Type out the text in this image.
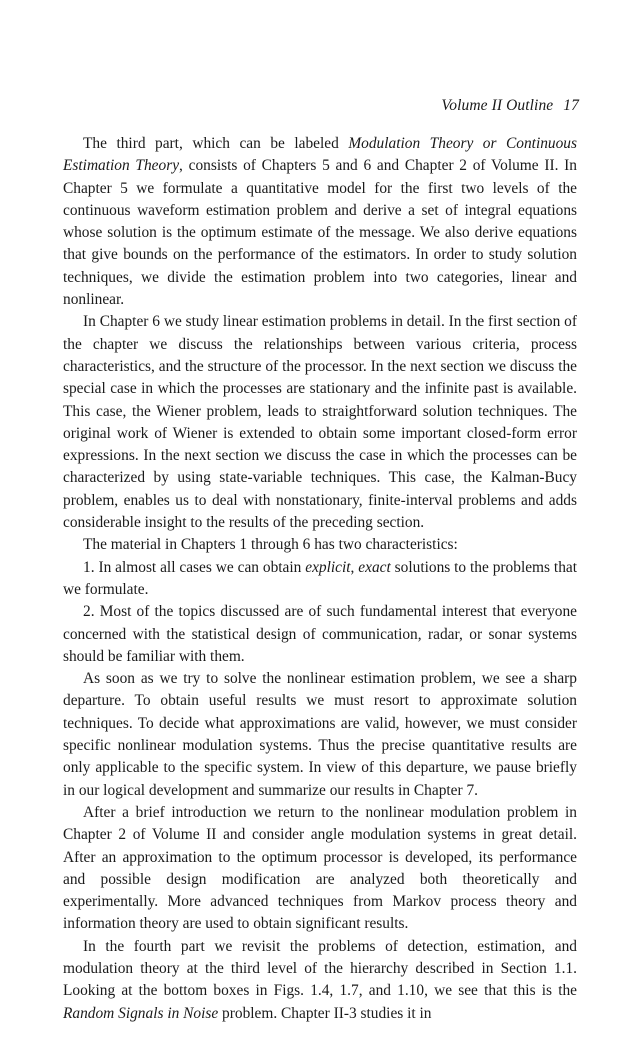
Volume II Outline 17

The third part, which can be labeled Modulation Theory or Continuous Estimation Theory, consists of Chapters 5 and 6 and Chapter 2 of Volume II. In Chapter 5 we formulate a quantitative model for the first two levels of the continuous waveform estimation problem and derive a set of integral equations whose solution is the optimum estimate of the message. We also derive equations that give bounds on the performance of the estimators. In order to study solution techniques, we divide the estimation problem into two categories, linear and nonlinear.

In Chapter 6 we study linear estimation problems in detail. In the first section of the chapter we discuss the relationships between various criteria, process characteristics, and the structure of the processor. In the next section we discuss the special case in which the processes are stationary and the infinite past is available. This case, the Wiener problem, leads to straightforward solution techniques. The original work of Wiener is extended to obtain some important closed-form error expressions. In the next section we discuss the case in which the processes can be characterized by using state-variable techniques. This case, the Kalman-Bucy problem, enables us to deal with nonstationary, finite-interval problems and adds considerable insight to the results of the preceding section.

The material in Chapters 1 through 6 has two characteristics:

1. In almost all cases we can obtain explicit, exact solutions to the problems that we formulate.

2. Most of the topics discussed are of such fundamental interest that everyone concerned with the statistical design of communication, radar, or sonar systems should be familiar with them.

As soon as we try to solve the nonlinear estimation problem, we see a sharp departure. To obtain useful results we must resort to approximate solution techniques. To decide what approximations are valid, however, we must consider specific nonlinear modulation systems. Thus the precise quantitative results are only applicable to the specific system. In view of this departure, we pause briefly in our logical development and summarize our results in Chapter 7.

After a brief introduction we return to the nonlinear modulation problem in Chapter 2 of Volume II and consider angle modulation systems in great detail. After an approximation to the optimum processor is developed, its performance and possible design modification are analyzed both theoretically and experimentally. More advanced techniques from Markov process theory and information theory are used to obtain significant results.

In the fourth part we revisit the problems of detection, estimation, and modulation theory at the third level of the hierarchy described in Section 1.1. Looking at the bottom boxes in Figs. 1.4, 1.7, and 1.10, we see that this is the Random Signals in Noise problem. Chapter II-3 studies it in
